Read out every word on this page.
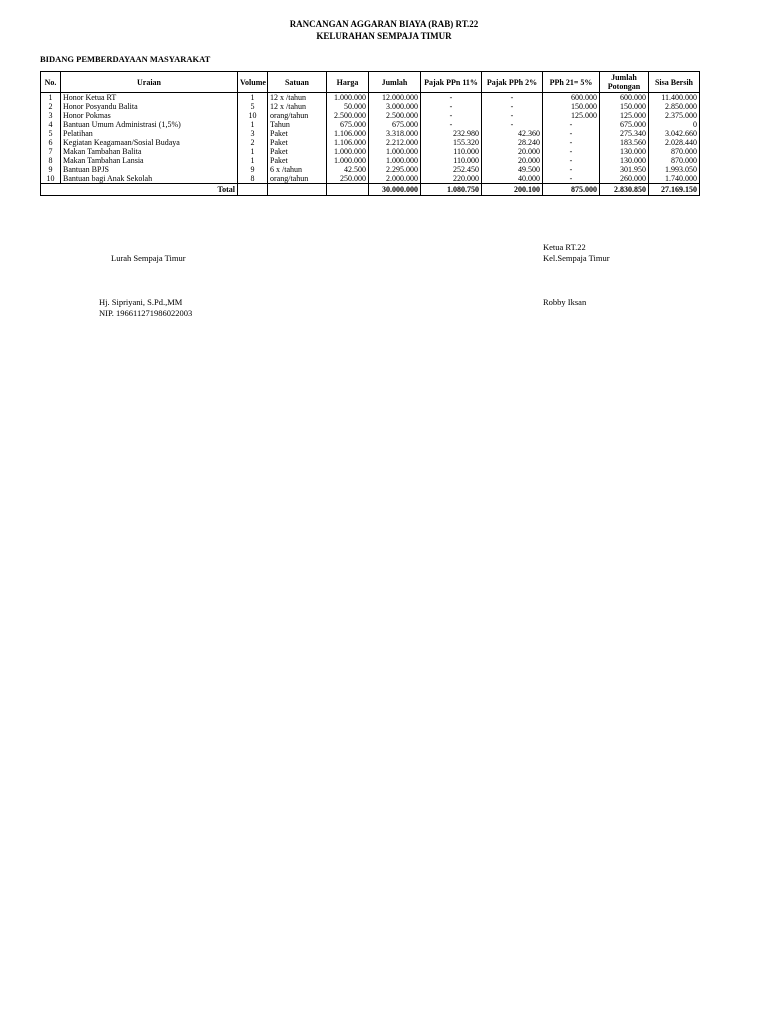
RANCANGAN AGGARAN BIAYA (RAB) RT.22
KELURAHAN SEMPAJA TIMUR
BIDANG PEMBERDAYAAN MASYARAKAT
No.	Uraian	Volume	Satuan	Harga	Jumlah	Pajak PPn 11%	Pajak PPh 2%	PPh 21= 5%	Jumlah Potongan	Sisa Bersih
1	Honor Ketua RT	1	12 x /tahun	1.000.000	12.000.000	-	-	600.000	600.000	11.400.000
2	Honor Posyandu Balita	5	12 x /tahun	50.000	3.000.000	-	-	150.000	150.000	2.850.000
3	Honor Pokmas	10	orang/tahun	2.500.000	2.500.000	-	-	125.000	125.000	2.375.000
4	Bantuan Umum Administrasi (1,5%)	1	Tahun	675.000	675.000	-	-	-	675.000	0
5	Pelatihan	3	Paket	1.106.000	3.318.000	232.980	42.360	-	275.340	3.042.660
6	Kegiatan Keagamaan/Sosial Budaya	2	Paket	1.106.000	2.212.000	155.320	28.240	-	183.560	2.028.440
7	Makan Tambahan Balita	1	Paket	1.000.000	1.000.000	110.000	20.000	-	130.000	870.000
8	Makan Tambahan Lansia	1	Paket	1.000.000	1.000.000	110.000	20.000	-	130.000	870.000
9	Bantuan BPJS	9	6 x /tahun	42.500	2.295.000	252.450	49.500	-	301.950	1.993.050
10	Bantuan bagi Anak Sekolah	8	orang/tahun	250.000	2.000.000	220.000	40.000	-	260.000	1.740.000
Total					30.000.000	1.080.750	200.100	875.000	2.830.850	27.169.150
Ketua RT.22
Kel.Sempaja Timur
Lurah Sempaja Timur
Hj. Sipriyani, S.Pd.,MM
NIP. 196611271986022003
Robby Iksan
